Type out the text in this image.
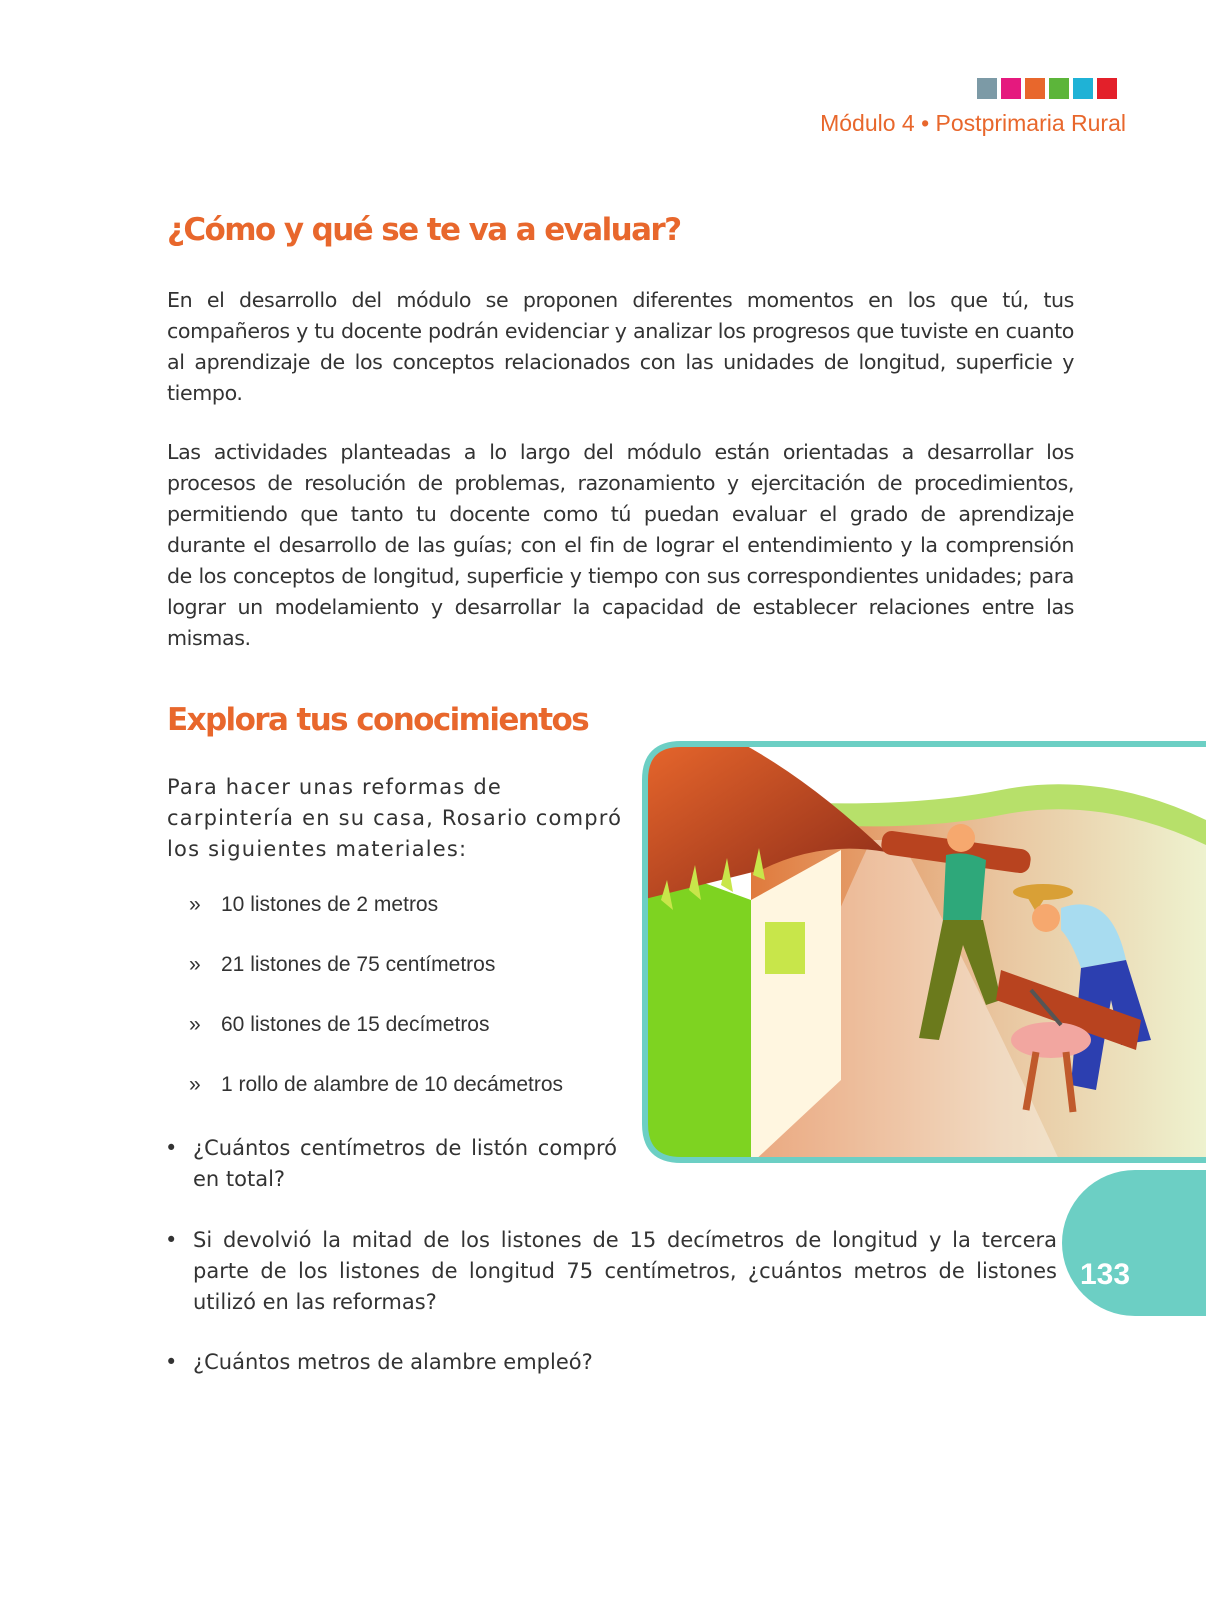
Módulo 4 • Postprimaria Rural
¿Cómo y qué se te va a evaluar?

En el desarrollo del módulo se proponen diferentes momentos en los que tú, tus compañeros y tu docente podrán evidenciar y analizar los progresos que tuviste en cuanto al aprendizaje de los conceptos relacionados con las unidades de longitud, superficie y tiempo.

Las actividades planteadas a lo largo del módulo están orientadas a desarrollar los procesos de resolución de problemas, razonamiento y ejercitación de procedimientos, permitiendo que tanto tu docente como tú puedan evaluar el grado de aprendizaje durante el desarrollo de las guías; con el fin de lograr el entendimiento y la comprensión de los conceptos de longitud, superficie y tiempo con sus correspondientes unidades; para lograr un modelamiento y desarrollar la capacidad de establecer relaciones entre las mismas.

Explora tus conocimientos

Para hacer unas reformas de carpintería en su casa, Rosario compró los siguientes materiales:

» 10 listones de 2 metros
» 21 listones de 75 centímetros
» 60 listones de 15 decímetros
» 1 rollo de alambre de 10 decámetros
• ¿Cuántos centímetros de listón compró en total?
• Si devolvió la mitad de los listones de 15 decímetros de longitud y la tercera parte de los listones de longitud 75 centímetros, ¿cuántos metros de listones utilizó en las reformas?
• ¿Cuántos metros de alambre empleó?
133
